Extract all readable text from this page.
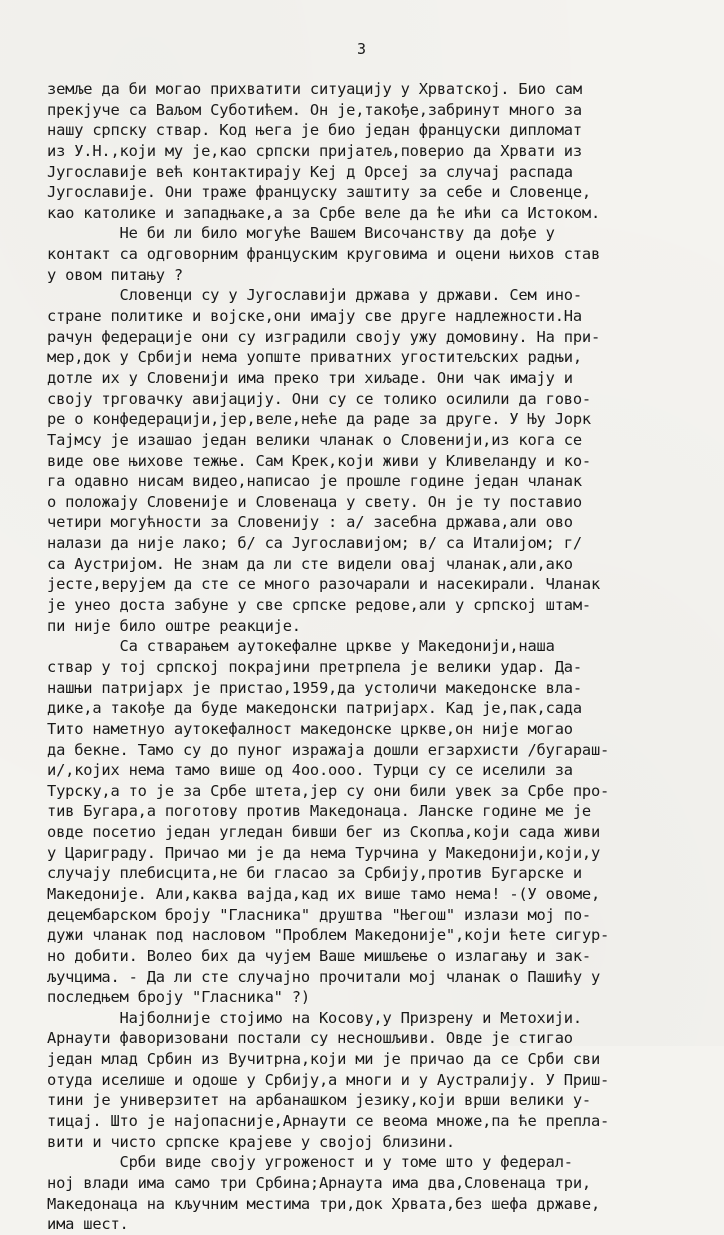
3
земље да би могао прихватити ситуацију у Хрватској. Био сам
прекјуче са Ваљом Суботићем. Он је,такође,забринут много за
нашу српску ствар. Код њега је био један француски дипломат
из У.Н.,који му је,као српски пријатељ,поверио да Хрвати из
Југославије већ контактирају Кеј д Орсеј за случај распада
Југославије. Они траже француску заштиту за себе и Словенце,
као католике и западњаке,а за Србе веле да ће ићи са Истоком.
Не би ли било могуће Вашем Височанству да дође у
контакт са одговорним француским круговима и оцени њихов став
у овом питању ?
Словенци су у Југославији држава у држави. Сем ино-
стране политике и војске,они имају све друге надлежности.На
рачун федерације они су изградили своју ужу домовину. На при-
мер,док у Србији нема уопште приватних угоститељских радњи,
дотле их у Словенији има преко три хиљаде. Они чак имају и
своју трговачку авијацију. Они су се толико осилили да гово-
ре о конфедерацији,јер,веле,неће да раде за друге. У Њу Јорк
Тајмсу је изашао један велики чланак о Словенији,из кога се
виде ове њихове тежње. Сам Крек,који живи у Кливеланду и ко-
га одавно нисам видео,написао је прошле године један чланак
о положају Словеније и Словенаца у свету. Он је ту поставио
четири могућности за Словенију : а/ засебна држава,али ово
налази да није лако; б/ са Југославијом; в/ са Италијом; г/
са Аустријом. Не знам да ли сте видели овај чланак,али,ако
јесте,верујем да сте се много разочарали и насекирали. Чланак
је унео доста забуне у све српске редове,али у српској штам-
пи није било оштре реакције.
Са стварањем аутокефалне цркве у Македонији,наша
ствар у тој српској покрајини претрпела је велики удар. Да-
нашњи патријарх је пристао,1959,да устоличи македонске вла-
дике,а такође да буде македонски патријарх. Кад је,пак,сада
Тито наметнуо аутокефалност македонске цркве,он није могао
да бекне. Тамо су до пуног изражаја дошли егзархисти /бугараш-
и/,којих нема тамо више од 4оо.ооо. Турци су се иселили за
Турску,а то је за Србе штета,јер су они били увек за Србе про-
тив Бугара,а поготову против Македонаца. Ланске године ме је
овде посетио један угледан бивши бег из Скопља,који сада живи
у Цариграду. Причао ми је да нема Турчина у Македонији,који,у
случају плебисцита,не би гласао за Србију,против Бугарске и
Македоније. Али,каква вајда,кад их више тамо нема! -(У овоме,
децембарском броју "Гласника" друштва "Његош" излази мој по-
дужи чланак под насловом "Проблем Македоније",који ћете сигур-
но добити. Волео бих да чујем Ваше мишљење о излагању и зак-
ључцима. - Да ли сте случајно прочитали мој чланак о Пашићу у
последњем броју "Гласника" ?)
Најболније стојимо на Косову,у Призрену и Метохији.
Арнаути фаворизовани постали су несношљиви. Овде је стигао
један млад Србин из Вучитрна,који ми је причао да се Срби сви
отуда иселише и одоше у Србију,а многи и у Аустралију. У Приш-
тини је универзитет на арбанашком језику,који врши велики у-
тицај. Што је најопасније,Арнаути се веома множе,па ће препла-
вити и чисто српске крајеве у својој близини.
Срби виде своју угроженост и у томе што у федерал-
ној влади има само три Србина;Арнаута има два,Словенаца три,
Македонаца на кључним местима три,док Хрвата,без шефа државе,
има шест.
